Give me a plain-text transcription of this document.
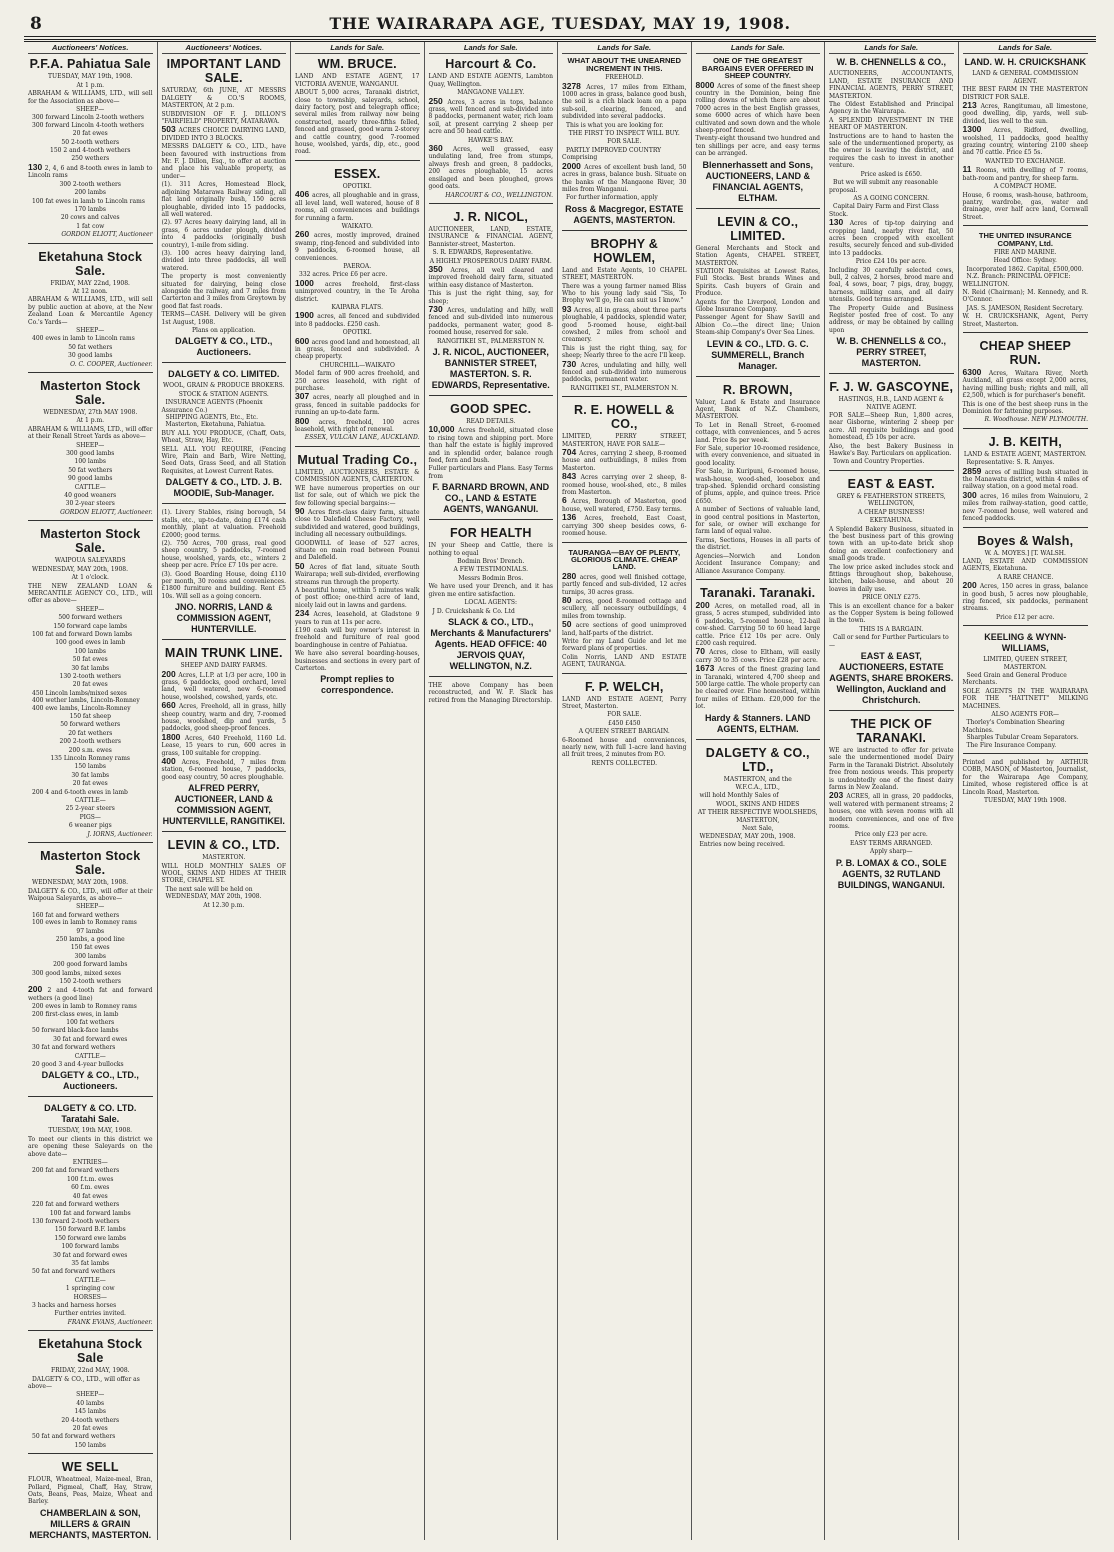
8	THE WAIRARAPA AGE, TUESDAY, MAY 19, 1908.
Auctioneers' Notices.
P.F.A. Pahiatua Sale
TUESDAY, MAY 19th, 1908.
At 1 p.m.

ABRAHAM & WILLIAMS, LTD., will sell for the Association as above—

SHEEP—
300 forward Lincoln 2-tooth wethers
300 forward Lincoln 4-tooth wethers
20 fat ewes
50 2-tooth wethers
150 2 and 4-tooth wethers
250 wethers

130 2, 4, 6 and 8-tooth ewes in lamb to Lincoln rams

300 2-tooth wethers
200 lambs
100 fat ewes in lamb to Lincoln rams
170 lambs
20 cows and calves
1 fat cow
GORDON ELIOTT, Auctioneer
Eketahuna Stock Sale.
FRIDAY, MAY 22nd, 1908.
At 12 noon.

ABRAHAM & WILLIAMS, LTD., will sell by public auction at above, at the New Zealand Loan & Mercantile Agency Co.'s Yards—

SHEEP—
400 ewes in lamb to Lincoln rams
50 fat wethers
30 good lambs
O. C. COOPER, Auctioneer.
Masterton Stock Sale.
WEDNESDAY, 27th MAY 1908.
At 1 p.m.

ABRAHAM & WILLIAMS, LTD., will offer at their Renall Street Yards as above—

SHEEP—
300 good lambs
100 lambs
50 fat wethers
90 good lambs
CATTLE—
40 good weaners
30 2-year steers
GORDON ELIOTT, Auctioneer.
Masterton Stock Sale.
WAIPOUA SALEYARDS
WEDNESDAY, MAY 20th, 1908.
At 1 o'clock.

THE NEW ZEALAND LOAN & MERCANTILE AGENCY CO., LTD., will offer as above—

SHEEP—
500 forward wethers
150 forward cape lambs
100 fat and forward Down lambs
100 good ewes in lamb
100 lambs
50 fat ewes
30 fat lambs
130 2-tooth wethers
20 fat ewes
450 Lincoln lambs/mixed sexes
400 wether lambs, Lincoln-Romney
400 ewe lambs, Lincoln-Romney
150 fat sheep
50 forward wethers
20 fat wethers
200 2-tooth wethers
200 s.m. ewes
135 Lincoln Romney rams
150 lambs
30 fat lambs
20 fat ewes
200 4 and 6-tooth ewes in lamb
CATTLE—
25 2-year steers
PIGS—
6 weaner pigs
J. IORNS, Auctioneer.
Masterton Stock Sale.
WEDNESDAY, MAY 20th, 1908.

DALGETY & CO., LTD., will offer at their Waipoua Saleyards, as above—

SHEEP—
160 fat and forward wethers
100 ewes in lamb to Romney rams
97 lambs
250 lambs, a good line
150 fat ewes
300 lambs
200 good forward lambs
300 good lambs, mixed sexes
150 2-tooth wethers

200 2 and 4-tooth fat and forward wethers (a good line)

200 ewes in lamb to Romney rams
200 first-class ewes, in lamb
100 fat wethers
50 forward black-face lambs
30 fat and forward ewes
30 fat and forward wethers
CATTLE—
20 good 3 and 4-year bullocks
DALGETY & CO., LTD., Auctioneers.
DALGETY & CO. LTD. Taratahi Sale.
TUESDAY, 19th MAY, 1908.

To meet our clients in this district we are opening these Saleyards on the above date—

ENTRIES—
200 fat and forward wethers
100 f.t.m. ewes
60 f.m. ewes
40 fat ewes
220 fat and forward wethers
100 fat and forward lambs
130 forward 2-tooth wethers
150 forward B.F. lambs
150 forward ewe lambs
100 forward lambs
30 fat and forward ewes
35 fat lambs
50 fat and forward wethers
CATTLE—
1 springing cow
HORSES—
3 hacks and harness horses
Further entries invited.
FRANK EVANS, Auctioneer.
Eketahuna Stock Sale
FRIDAY, 22nd MAY, 1908.
DALGETY & CO., LTD., will offer as above—
SHEEP—
40 lambs
145 lambs
20 4-tooth wethers
20 fat ewes
50 fat and forward wethers
150 lambs
WE SELL

FLOUR, Wheatmeal, Maize-meal, Bran, Pollard, Pigmeal, Chaff, Hay, Straw, Oats, Beans, Peas, Maize, Wheat and Barley.

CHAMBERLAIN & SON, MILLERS & GRAIN MERCHANTS, MASTERTON.
Auctioneers' Notices.
IMPORTANT LAND SALE.

SATURDAY, 6th JUNE, AT MESSRS DALGETY & CO.'S ROOMS, MASTERTON, At 2 p.m.

SUBDIVISION OF F. J. DILLON'S "FAIRFIELD" PROPERTY, MATARAWA.

503 ACRES CHOICE DAIRYING LAND, DIVIDED INTO 3 BLOCKS.

MESSRS DALGETY & CO., LTD., have been favoured with instructions from Mr. F. J. Dillon, Esq., to offer at auction and place his valuable property, as under—

(1). 311 Acres, Homestead Block, adjoining Matarawa Railway siding, all flat land originally bush, 150 acres ploughable, divided into 15 paddocks, all well watered.

(2). 97 Acres heavy dairying land, all in grass, 6 acres under plough, divided into 4 paddocks (originally bush country), 1-mile from siding.

(3). 100 acres heavy dairying land, divided into three paddocks, all well watered.

The property is most conveniently situated for dairying, being close alongside the railway, and 7 miles from Carterton and 3 miles from Greytown by good flat fast roads.

TERMS—CASH. Delivery will be given 1st August, 1908.

Plans on application.
DALGETY & CO., LTD., Auctioneers.
DALGETY & CO. LIMITED.
WOOL, GRAIN & PRODUCE BROKERS.
STOCK & STATION AGENTS.
INSURANCE AGENTS (Phoenix Assurance Co.)
SHIPPING AGENTS, Etc., Etc.
Masterton, Eketahuna, Pahiatua.

BUY ALL YOU PRODUCE, (Chaff, Oats, Wheat, Straw, Hay, Etc.

SELL ALL YOU REQUIRE, (Fencing Wire, Plain and Barb, Wire Netting, Seed Oats, Grass Seed, and all Station Requisites, at Lowest Current Rates.

DALGETY & CO., LTD. J. B. MOODIE, Sub-Manager.

(1). Livery Stables, rising borough, 54 stalls, etc., up-to-date, doing £174 cash monthly, plant at valuation. Freehold £2000; good terms.

(2). 750 Acres, 700 grass, real good sheep country, 5 paddocks, 7-roomed house, woolshed, yards, etc., winters 2 sheep per acre. Price £7 10s per acre.

(3). Good Boarding House, doing £110 per month, 30 rooms and conveniences. £1800 furniture and building. Rent £5 10s. Will sell as a going concern.

JNO. NORRIS, LAND & COMMISSION AGENT, HUNTERVILLE.
MAIN TRUNK LINE.
SHEEP AND DAIRY FARMS.

200 Acres, L.I.P. at 1/3 per acre, 100 in grass, 6 paddocks, good orchard, level land, well watered, new 6-roomed house, woolshed, cowshed, yards, etc.

660 Acres, Freehold, all in grass, hilly sheep country, warm and dry, 7-roomed house, woolshed, dip and yards, 5 paddocks, good sheep-proof fences.

1800 Acres, 640 Freehold, 1160 Ld. Lease, 15 years to run, 600 acres in grass, 100 suitable for cropping.

400 Acres, Freehold, 7 miles from station, 6-roomed house, 7 paddocks, good easy country, 50 acres ploughable.

ALFRED PERRY, AUCTIONEER, LAND & COMMISSION AGENT, HUNTERVILLE, RANGITIKEI.
LEVIN & CO., LTD.
MASTERTON.

WILL HOLD MONTHLY SALES OF WOOL, SKINS AND HIDES AT THEIR STORE, CHAPEL ST.

The next sale will be held on
WEDNESDAY, MAY 20th, 1908.
At 12.30 p.m.
Lands for Sale.
WM. BRUCE.

LAND AND ESTATE AGENT, 17 VICTORIA AVENUE, WANGANUI.

ABOUT 5,000 acres, Taranaki district, close to township, saleyards, school, dairy factory, post and telegraph office; several miles from railway now being constructed, nearly three-fifths felled, fenced and grassed, good warm 2-storey and cattle country, good 7-roomed house, woolshed, yards, dip, etc., good road.

ESSEX.
OPOTIKI.

406 acres, all ploughable and in grass, all level land, well watered, house of 8 rooms, all conveniences and buildings for running a farm.

WAIKATO.

260 acres, mostly improved, drained swamp, ring-fenced and subdivided into 9 paddocks, 6-roomed house, all conveniences.

PAEROA.
332 acres. Price £6 per acre.

1000 acres freehold, first-class unimproved country, in the Te Aroha district.

KAIPARA FLATS.

1900 acres, all fenced and subdivided into 8 paddocks. £250 cash.

OPOTIKI.

600 acres good land and homestead, all in grass, fenced and subdivided. A cheap property.

CHURCHILL—WAIKATO

Model farm of 900 acres freehold, and 250 acres leasehold, with right of purchase.

307 acres, nearly all ploughed and in grass, fenced in suitable paddocks for running an up-to-date farm.

800 acres, freehold, 100 acres leasehold, with right of renewal.

ESSEX, VULCAN LANE, AUCKLAND.
Mutual Trading Co.,

LIMITED, AUCTIONEERS, ESTATE & COMMISSION AGENTS, CARTERTON.

WE have numerous properties on our list for sale, out of which we pick the few following special bargains:—

90 Acres first-class dairy farm, situate close to Dalefield Cheese Factory, well subdivided and watered, good buildings, including all necessary outbuildings.

GOODWILL of lease of 527 acres, situate on main road between Pounui and Dalefield.

50 Acres of flat land, situate South Wairarapa; well sub-divided, everflowing streams run through the property.

A beautiful home, within 5 minutes walk of post office; one-third acre of land, nicely laid out in lawns and gardens.

234 Acres, leasehold, at Gladstone 9 years to run at 11s per acre.

£190 cash will buy owner's interest in freehold and furniture of real good boardinghouse in centre of Pahiatua.

We have also several boarding-houses, businesses and sections in every part of Carterton.

Prompt replies to correspondence.
Lands for Sale.
Harcourt & Co.

LAND AND ESTATE AGENTS, Lambton Quay, Wellington.

MANGAONE VALLEY.

250 Acres, 3 acres in tops, balance grass, well fenced and sub-divided into 8 paddocks, permanent water, rich loam soil, at present carrying 2 sheep per acre and 50 head cattle.

HAWKE'S BAY.

360 Acres, well grassed, easy undulating land, free from stumps, always fresh and green, 8 paddocks, 200 acres ploughable, 15 acres ensilaged and been ploughed, grows good oats.

HARCOURT & CO., WELLINGTON.
J. R. NICOL,

AUCTIONEER, LAND, ESTATE, INSURANCE & FINANCIAL AGENT, Bannister-street, Masterton.

S. R. EDWARDS, Representative.
A HIGHLY PROSPEROUS DAIRY FARM.

350 Acres, all well cleared and improved freehold dairy farm, situated within easy distance of Masterton.

This is just the right thing, say, for sheep;

730 Acres, undulating and hilly, well fenced and sub-divided into numerous paddocks, permanent water, good 8-roomed house, reserved for sale.

RANGITIKEI ST., PALMERSTON N.
J. R. NICOL, AUCTIONEER, BANNISTER STREET, MASTERTON. S. R. EDWARDS, Representative.
GOOD SPEC.
READ DETAILS.

10,000 Acres freehold, situated close to rising town and shipping port. More than half the estate is highly improved and in splendid order, balance rough feed, fern and bush.

Fuller particulars and Plans. Easy Terms from

F. BARNARD BROWN, AND CO., LAND & ESTATE AGENTS, WANGANUI.
FOR HEALTH

IN your Sheep and Cattle, there is nothing to equal

Bodmin Bros' Drench.
A FEW TESTIMONIALS.
Messrs Bodmin Bros.

We have used your Drench, and it has given me entire satisfaction.

LOCAL AGENTS:
J D. Cruickshank & Co. Ltd
SLACK & CO., LTD., Merchants & Manufacturers' Agents. HEAD OFFICE: 40 JERVOIS QUAY, WELLINGTON, N.Z.

THE above Company has been reconstructed, and W. F. Slack has retired from the Managing Directorship.

Lands for Sale.
WHAT ABOUT THE UNEARNED INCREMENT IN THIS.
FREEHOLD.

3278 Acres, 17 miles from Eltham, 1000 acres in grass, balance good bush, the soil is a rich black loam on a papa sub-soil, clearing, fenced, and subdivided into several paddocks.

This is what you are looking for.
THE FIRST TO INSPECT WILL BUY.
FOR SALE.
PARTLY IMPROVED COUNTRY Comprising

2000 Acres of excellent bush land, 50 acres in grass, balance bush. Situate on the banks of the Mangaone River, 30 miles from Wanganui.

For further information, apply
Ross & Macgregor, ESTATE AGENTS, MASTERTON.
BROPHY & HOWLEM,

Land and Estate Agents, 10 CHAPEL STREET, MASTERTON.

There was a young farmer named Bliss Who to his young lady said "Sis, To Brophy we'll go, He can suit us I know."

93 Acres, all in grass, about three parts ploughable, 4 paddocks, splendid water, good 5-roomed house, eight-bail cowshed, 2 miles from school and creamery.

This is just the right thing, say, for sheep; Nearly three to the acre I'll keep.

730 Acres, undulating and hilly, well fenced and sub-divided into numerous paddocks, permanent water.

RANGITIKEI ST., PALMERSTON N.
R. E. HOWELL & CO.,

LIMITED, PERRY STREET, MASTERTON, HAVE FOR SALE—

704 Acres, carrying 2 sheep, 8-roomed house and outbuildings, 8 miles from Masterton.

843 Acres carrying over 2 sheep, 8-roomed house, wool-shed, etc., 8 miles from Masterton.

6 Acres, Borough of Masterton, good house, well watered, £750. Easy terms.

136 Acres, freehold, East Coast, carrying 300 sheep besides cows, 6-roomed house.

TAURANGA—BAY OF PLENTY, GLORIOUS CLIMATE. CHEAP LAND.

280 acres, good well finished cottage, partly fenced and sub-divided, 12 acres turnips, 30 acres grass.

80 acres, good 8-roomed cottage and scullery, all necessary outbuildings, 4 miles from township.

50 acre sections of good unimproved land, half-parts of the district.

Write for my Land Guide and let me forward plans of properties.

Colin Norris, LAND AND ESTATE AGENT, TAURANGA.

F. P. WELCH,

LAND AND ESTATE AGENT, Perry Street, Masterton.

FOR SALE.
£450 £450
A QUEEN STREET BARGAIN.

6-Roomed house and conveniences, nearly new, with full 1-acre land having all fruit trees, 2 minutes from P.O.

RENTS COLLECTED.
Lands for Sale.
ONE OF THE GREATEST BARGAINS EVER OFFERED IN SHEEP COUNTRY.

8000 Acres of some of the finest sheep country in the Dominion, being fine rolling downs of which there are about 7000 acres in the best English grasses, some 6000 acres of which have been cultivated and sown down and the whole sheep-proof fenced.

Twenty-eight thousand two hundred and ten shillings per acre, and easy terms can be arranged.

Blennerhassett and Sons, AUCTIONEERS, LAND & FINANCIAL AGENTS, ELTHAM.
LEVIN & CO., LIMITED.

General Merchants and Stock and Station Agents, CHAPEL STREET, MASTERTON.

STATION Requisites at Lowest Rates, Full Stocks. Best brands Wines and Spirits. Cash buyers of Grain and Produce.

Agents for the Liverpool, London and Globe Insurance Company.

Passenger Agent for Shaw Savill and Albion Co.—the direct line; Union Steam-ship Company's Over Sea Lines.

LEVIN & CO., LTD. G. C. SUMMERELL, Branch Manager.
R. BROWN,

Valuer, Land & Estate and Insurance Agent, Bank of N.Z. Chambers, MASTERTON.

To Let in Renall Street, 6-roomed cottage, with conveniences, and 5 acres land. Price 8s per week.

For Sale, superior 10-roomed residence, with every convenience, and situated in good locality.

For Sale, in Kuripuni, 6-roomed house, wash-house, wood-shed, loosebox and trap-shed. Splendid orchard consisting of plums, apple, and quince trees. Price £650.

A number of Sections of valuable land, in good central positions in Masterton, for sale, or owner will exchange for farm land of equal value.

Farms, Sections, Houses in all parts of the district.

Agencies—Norwich and London Accident Insurance Company; and Alliance Assurance Company.

Taranaki. Taranaki.

200 Acres, on metalled road, all in grass, 5 acres stumped, subdivided into 6 paddocks, 5-roomed house, 12-bail cow-shed. Carrying 50 to 60 head large cattle. Price £12 10s per acre. Only £200 cash required.

70 Acres, close to Eltham, will easily carry 30 to 35 cows. Price £28 per acre.

1673 Acres of the finest grazing land in Taranaki, wintered 4,700 sheep and 500 large cattle. The whole property can be cleared over. Fine homestead, within four miles of Eltham. £20,000 for the lot.

Hardy & Stanners. LAND AGENTS, ELTHAM.
DALGETY & CO., LTD.,
MASTERTON, and the
W.F.C.A., LTD.,
will hold Monthly Sales of
WOOL, SKINS AND HIDES
AT THEIR RESPECTIVE WOOLSHEDS, MASTERTON,
Next Sale,
WEDNESDAY, MAY 20th, 1908.
Entries now being received.
Lands for Sale.
W. B. CHENNELLS & CO.,

AUCTIONEERS, ACCOUNTANTS, LAND, ESTATE INSURANCE AND FINANCIAL AGENTS, PERRY STREET, MASTERTON.

The Oldest Established and Principal Agency in the Wairarapa.

A SPLENDID INVESTMENT IN THE HEART OF MASTERTON.

Instructions are to hand to hasten the sale of the undermentioned property, as the owner is leaving the district, and requires the cash to invest in another venture.

Price asked is £650.
But we will submit any reasonable proposal.
AS A GOING CONCERN.
Capital Dairy Farm and First Class Stock.

130 Acres of tip-top dairying and cropping land, nearby river flat, 50 acres been cropped with excellent results, securely fenced and sub-divided into 13 paddocks.

Price £24 10s per acre.

Including 30 carefully selected cows, bull, 2 calves, 2 horses, brood mare and foal, 4 sows, boar, 7 pigs, dray, buggy, harness, milking cans, and all dairy utensils. Good terms arranged.

The Property Guide and Business Register posted free of cost. To any address, or may be obtained by calling upon

W. B. CHENNELLS & CO., PERRY STREET, MASTERTON.
F. J. W. GASCOYNE,
HASTINGS, H.B., LAND AGENT & NATIVE AGENT.

FOR SALE—Sheep Run, 1,800 acres, near Gisborne, wintering 2 sheep per acre. All requisite buildings and good homestead, £5 10s per acre.

Also, the best Bakery Business in Hawke's Bay. Particulars on application.

Town and Country Properties.
EAST & EAST.
GREY & FEATHERSTON STREETS, WELLINGTON,
A CHEAP BUSINESS!
EKETAHUNA.

A Splendid Bakery Business, situated in the best business part of this growing town with an up-to-date brick shop doing an excellent confectionery and small goods trade.

The low price asked includes stock and fittings throughout shop, bakehouse, kitchen, bake-house, and about 20 loaves in daily use.

PRICE ONLY £275.

This is an excellent chance for a baker as the Copper System is being followed in the town.

THIS IS A BARGAIN.
Call or send for Further Particulars to—
EAST & EAST, AUCTIONEERS, ESTATE AGENTS, SHARE BROKERS. Wellington, Auckland and Christchurch.
THE PICK OF TARANAKI.

WE are instructed to offer for private sale the undermentioned model Dairy Farm in the Taranaki District. Absolutely free from noxious weeds. This property is undoubtedly one of the finest dairy farms in New Zealand.

203 ACRES, all in grass, 20 paddocks, well watered with permanent streams; 2 houses, one with seven rooms with all modern conveniences, and one of five rooms.

Price only £23 per acre.
EASY TERMS ARRANGED.
Apply sharp—
P. B. LOMAX & CO., SOLE AGENTS, 32 RUTLAND BUILDINGS, WANGANUI.
Lands for Sale.
LAND. W. H. CRUICKSHANK
LAND & GENERAL COMMISSION AGENT.

THE BEST FARM IN THE MASTERTON DISTRICT FOR SALE.

213 Acres, Rangitumau, all limestone, good dwelling, dip, yards, well sub-divided, lies well to the sun.

1300 Acres, Ridford, dwelling, woolshed, 11 paddocks, good healthy grazing country, wintering 2100 sheep and 70 cattle. Price £5 5s.

WANTED TO EXCHANGE.

11 Rooms, with dwelling of 7 rooms, bath-room and pantry, for sheep farm.

A COMPACT HOME.

House, 6 rooms, wash-house, bathroom, pantry, wardrobe, gas, water and drainage, over half acre land, Cornwall Street.

THE UNITED INSURANCE COMPANY, Ltd.
FIRE AND MARINE.
Head Office: Sydney.
Incorporated 1862. Capital, £500,000.
N.Z. Branch: PRINCIPAL OFFICE: WELLINGTON.

N. Reid (Chairman); M. Kennedy, and R. O'Connor.

JAS. S. JAMESON, Resident Secretary.

W. H. CRUICKSHANK, Agent, Perry Street, Masterton.

CHEAP SHEEP RUN.

6300 Acres, Waitara River, North Auckland, all grass except 2,000 acres, having milling bush; rights and mill, all £2,500, which is for purchaser's benefit.

This is one of the best sheep runs in the Dominion for fattening purposes.

R. Woodhouse. NEW PLYMOUTH.
J. B. KEITH,
LAND & ESTATE AGENT, MASTERTON.
Representative: S. R. Amyes.

2859 acres of milling bush situated in the Manawatu district, within 4 miles of railway station, on a good metal road.

300 acres, 16 miles from Wainuioru, 2 miles from railway-station, good cattle, new 7-roomed house, well watered and fenced paddocks.

Boyes & Walsh,
W. A. MOYES.] [T. WALSH.

LAND, ESTATE AND COMMISSION AGENTS, Eketahuna.

A RARE CHANCE.

200 Acres, 150 acres in grass, balance in good bush, 5 acres now ploughable, ring fenced, six paddocks, permanent streams.

Price £12 per acre.
KEELING & WYNN-WILLIAMS,
LIMITED, QUEEN STREET, MASTERTON.
Seed Grain and General Produce Merchants.

SOLE AGENTS IN THE WAIRARAPA FOR THE "HATTNETT" MILKING MACHINES.

ALSO AGENTS FOR—
Thorley's Combination Shearing Machines.
Sharples Tubular Cream Separators.
The Fire Insurance Company.

Printed and published by ARTHUR COBB, MASON, of Masterton, Journalist, for the Wairarapa Age Company, Limited, whose registered office is at Lincoln Road, Masterton.

TUESDAY, MAY 19th 1908.
